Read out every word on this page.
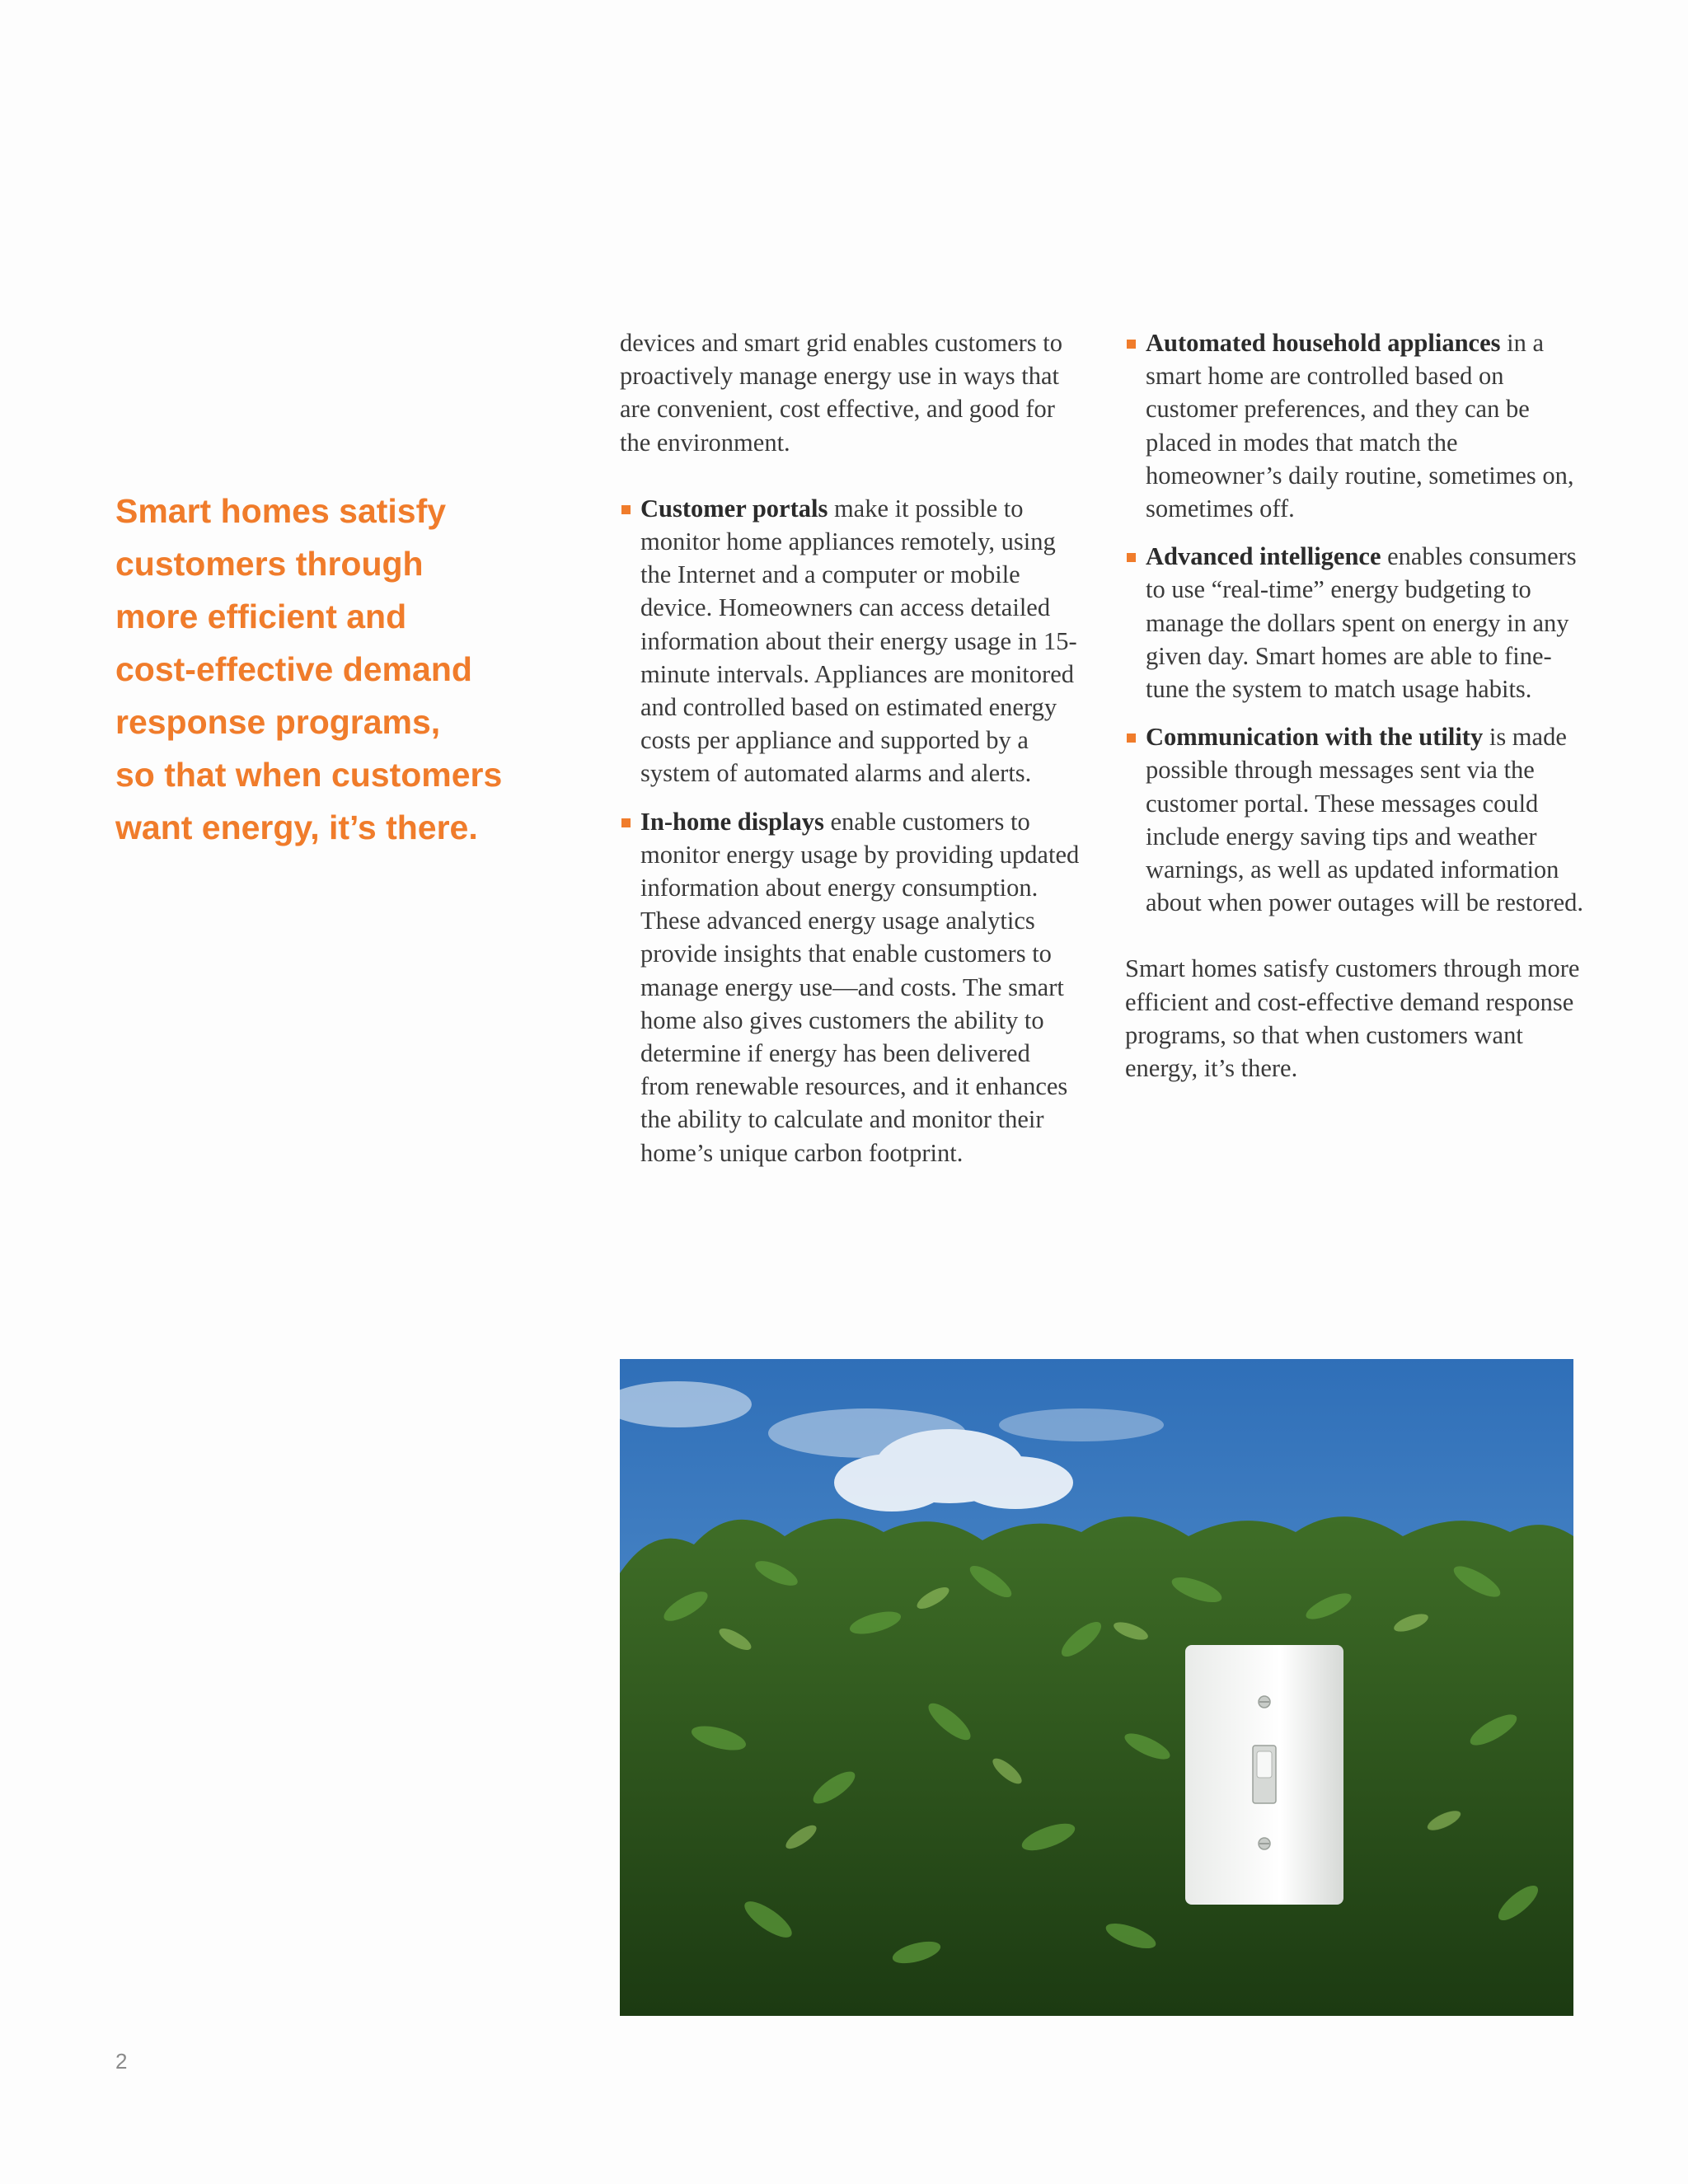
Smart homes satisfy
customers through
more efficient and
cost-effective demand
response programs,
so that when customers
want energy, it’s there.

devices and smart grid enables customers to proactively manage energy use in ways that are convenient, cost effective, and good for the environment.

Customer portals make it possible to monitor home appliances remotely, using the Internet and a computer or mobile device. Homeowners can access detailed information about their energy usage in 15-minute intervals. Appliances are monitored and controlled based on estimated energy costs per appliance and supported by a system of automated alarms and alerts.
In-home displays enable customers to monitor energy usage by providing updated information about energy consumption. These advanced energy usage analytics provide insights that enable customers to manage energy use—and costs. The smart home also gives customers the ability to determine if energy has been delivered from renewable resources, and it enhances the ability to calculate and monitor their home’s unique carbon footprint.
Automated household appliances in a smart home are controlled based on customer preferences, and they can be placed in modes that match the homeowner’s daily routine, sometimes on, sometimes off.
Advanced intelligence enables consumers to use “real-time” energy budgeting to manage the dollars spent on energy in any given day. Smart homes are able to fine-tune the system to match usage habits.
Communication with the utility is made possible through messages sent via the customer portal. These messages could include energy saving tips and weather warnings, as well as updated information about when power outages will be restored.

Smart homes satisfy customers through more efficient and cost-effective demand response programs, so that when customers want energy, it’s there.

2
